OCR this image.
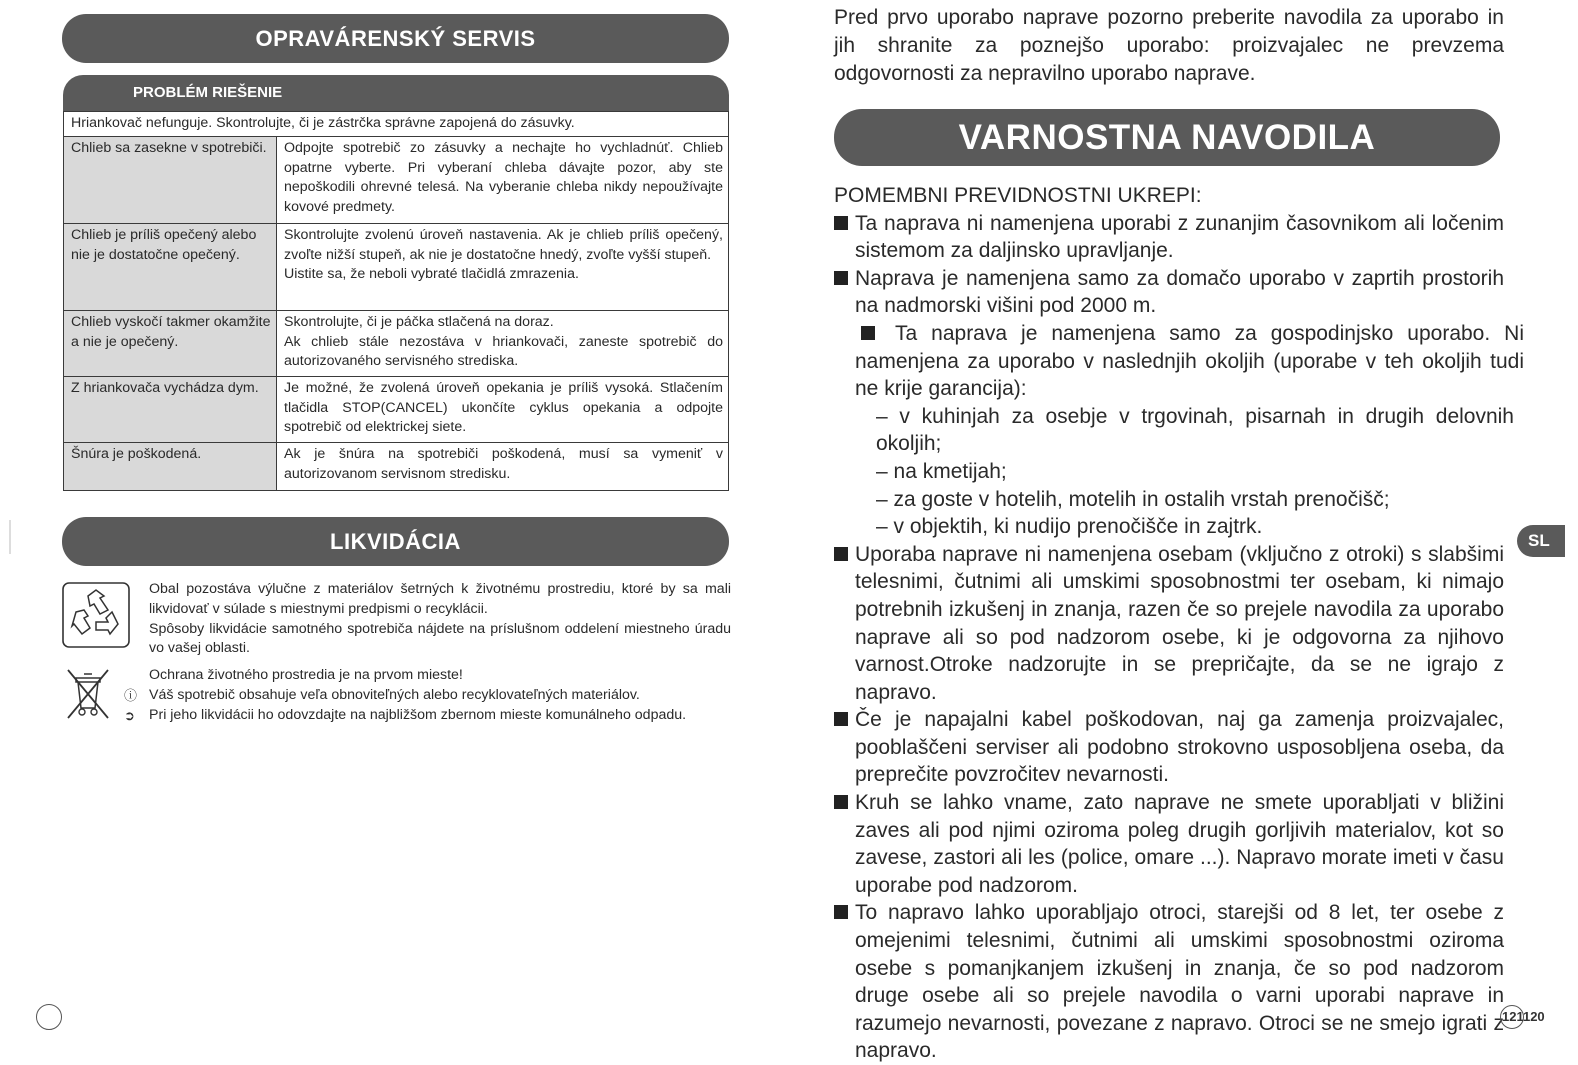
OPRAVÁRENSKÝ SERVIS
PROBLÉM RIEŠENIE
Hriankovač nefunguje. Skontrolujte, či je zástrčka správne zapojená do zásuvky.	
Chlieb sa zasekne v spotrebiči.	Odpojte spotrebič zo zásuvky a nechajte ho vychladnúť. Chlieb opatrne vyberte. Pri vyberaní chleba dávajte pozor, aby ste nepoškodili ohrevné telesá. Na vyberanie chleba nikdy nepoužívajte kovové predmety.
Chlieb je príliš opečený alebo nie je dostatočne opečený.	Skontrolujte zvolenú úroveň nastavenia. Ak je chlieb príliš opečený, zvoľte nižší stupeň, ak nie je dostatočne hnedý, zvoľte vyšší stupeň.
Uistite sa, že neboli vybraté tlačidlá zmrazenia.

Chlieb vyskočí takmer okamžite a nie je opečený.	Skontrolujte, či je páčka stlačená na doraz.
Ak chlieb stále nezostáva v hriankovači, zaneste spotrebič do autorizovaného servisného strediska.

Z hriankovača vychádza dym.	Je možné, že zvolená úroveň opekania je príliš vysoká. Stlačením tlačidla STOP(CANCEL) ukončíte cyklus opekania a odpojte spotrebič od elektrickej siete.
Šnúra je poškodená.	Ak je šnúra na spotrebiči poškodená, musí sa vymeniť v autorizovanom servisnom stredisku.
LIKVIDÁCIA
Obal pozostáva výlučne z materiálov šetrných k životnému prostrediu, ktoré by sa mali likvidovať v súlade s miestnymi predpismi o recyklácii.
Spôsoby likvidácie samotného spotrebiča nájdete na príslušnom oddelení miestneho úradu vo vašej oblasti.
Ochrana životného prostredia je na prvom mieste!
ⓘ Váš spotrebič obsahuje veľa obnoviteľných alebo recyklovateľných materiálov.
➲ Pri jeho likvidácii ho odovzdajte na najbližšom zbernom mieste komunálneho odpadu.
Pred prvo uporabo naprave pozorno preberite navodila za uporabo in jih shranite za poznejšo uporabo: proizvajalec ne prevzema odgovornosti za nepravilno uporabo naprave.
VARNOSTNA NAVODILA
POMEMBNI PREVIDNOSTNI UKREPI:
Ta naprava ni namenjena uporabi z zunanjim časovnikom ali ločenim sistemom za daljinsko upravljanje.
Naprava je namenjena samo za domačo uporabo v zaprtih prostorih na nadmorski višini pod 2000 m.
Ta naprava je namenjena samo za gospodinjsko uporabo. Ni namenjena za uporabo v naslednjih okoljih (uporabe v teh okoljih tudi ne krije garancija):
– v kuhinjah za osebje v trgovinah, pisarnah in drugih delovnih okoljih;
– na kmetijah;
– za goste v hotelih, motelih in ostalih vrstah prenočišč;
– v objektih, ki nudijo prenočišče in zajtrk.
Uporaba naprave ni namenjena osebam (vključno z otroki) s slabšimi telesnimi, čutnimi ali umskimi sposobnostmi ter osebam, ki nimajo potrebnih izkušenj in znanja, razen če so prejele navodila za uporabo naprave ali so pod nadzorom osebe, ki je odgovorna za njihovo varnost.Otroke nadzorujte in se prepričajte, da se ne igrajo z napravo.
Če je napajalni kabel poškodovan, naj ga zamenja proizvajalec, pooblaščeni serviser ali podobno strokovno usposobljena oseba, da preprečite povzročitev nevarnosti.
Kruh se lahko vname, zato naprave ne smete uporabljati v bližini zaves ali pod njimi oziroma poleg drugih gorljivih materialov, kot so zavese, zastori ali les (police, omare ...). Napravo morate imeti v času uporabe pod nadzorom.
To napravo lahko uporabljajo otroci, starejši od 8 let, ter osebe z omejenimi telesnimi, čutnimi ali umskimi sposobnostmi oziroma osebe s pomanjkanjem izkušenj in znanja, če so pod nadzorom druge osebe ali so prejele navodila o varni uporabi naprave in razumejo nevarnosti, povezane z napravo. Otroci se ne smejo igrati z napravo.
SL
121120
